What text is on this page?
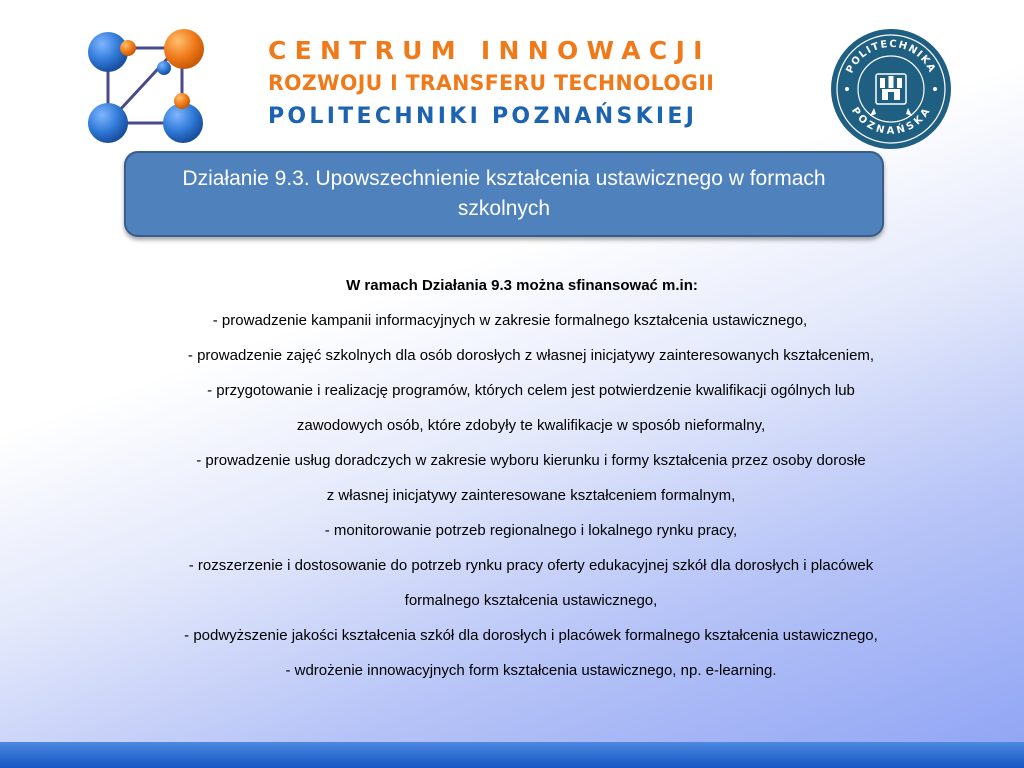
CENTRUM INNOWACJI
ROZWOJU I TRANSFERU TECHNOLOGII
POLITECHNIKI POZNAŃSKIEJ
POLITECHNIKA
POZNAŃSKA
Działanie 9.3. Upowszechnienie kształcenia ustawicznego w formach szkolnych
W ramach Działania 9.3 można sfinansować m.in:
- prowadzenie kampanii informacyjnych w zakresie formalnego kształcenia ustawicznego,
- prowadzenie zajęć szkolnych dla osób dorosłych z własnej inicjatywy zainteresowanych kształceniem,
- przygotowanie i realizację programów, których celem jest potwierdzenie kwalifikacji ogólnych lub
zawodowych osób, które zdobyły te kwalifikacje w sposób nieformalny,
- prowadzenie usług doradczych w zakresie wyboru kierunku i formy kształcenia przez osoby dorosłe
z własnej inicjatywy zainteresowane kształceniem formalnym,
- monitorowanie potrzeb regionalnego i lokalnego rynku pracy,
- rozszerzenie i dostosowanie do potrzeb rynku pracy oferty edukacyjnej szkół dla dorosłych i placówek
formalnego kształcenia ustawicznego,
- podwyższenie jakości kształcenia szkół dla dorosłych i placówek formalnego kształcenia ustawicznego,
- wdrożenie innowacyjnych form kształcenia ustawicznego, np. e-learning.
